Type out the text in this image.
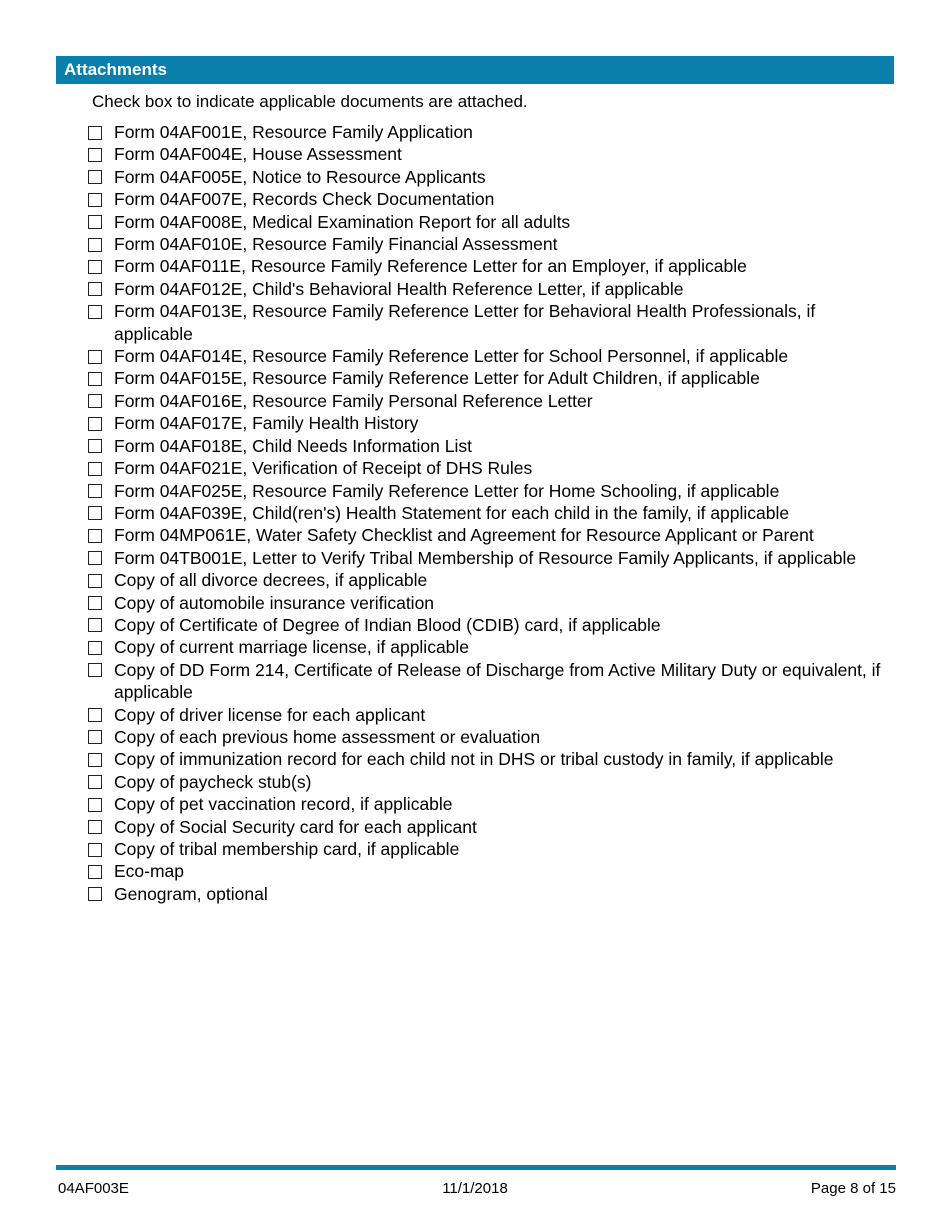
Attachments
Check box to indicate applicable documents are attached.
Form 04AF001E, Resource Family Application
Form 04AF004E, House Assessment
Form 04AF005E, Notice to Resource Applicants
Form 04AF007E, Records Check Documentation
Form 04AF008E, Medical Examination Report for all adults
Form 04AF010E, Resource Family Financial Assessment
Form 04AF011E, Resource Family Reference Letter for an Employer, if applicable
Form 04AF012E, Child's Behavioral Health Reference Letter, if applicable
Form 04AF013E, Resource Family Reference Letter for Behavioral Health Professionals, if applicable
Form 04AF014E, Resource Family Reference Letter for School Personnel, if applicable
Form 04AF015E, Resource Family Reference Letter for Adult Children, if applicable
Form 04AF016E, Resource Family Personal Reference Letter
Form 04AF017E, Family Health History
Form 04AF018E, Child Needs Information List
Form 04AF021E, Verification of Receipt of DHS Rules
Form 04AF025E, Resource Family Reference Letter for Home Schooling, if applicable
Form 04AF039E, Child(ren's) Health Statement for each child in the family, if applicable
Form 04MP061E, Water Safety Checklist and Agreement for Resource Applicant or Parent
Form 04TB001E, Letter to Verify Tribal Membership of Resource Family Applicants, if applicable
Copy of all divorce decrees, if applicable
Copy of automobile insurance verification
Copy of Certificate of Degree of Indian Blood (CDIB) card, if applicable
Copy of current marriage license, if applicable
Copy of DD Form 214, Certificate of Release of Discharge from Active Military Duty or equivalent, if applicable
Copy of driver license for each applicant
Copy of each previous home assessment or evaluation
Copy of immunization record for each child not in DHS or tribal custody in family, if applicable
Copy of paycheck stub(s)
Copy of pet vaccination record, if applicable
Copy of Social Security card for each applicant
Copy of tribal membership card, if applicable
Eco-map
Genogram, optional
04AF003E	11/1/2018	Page 8 of 15
